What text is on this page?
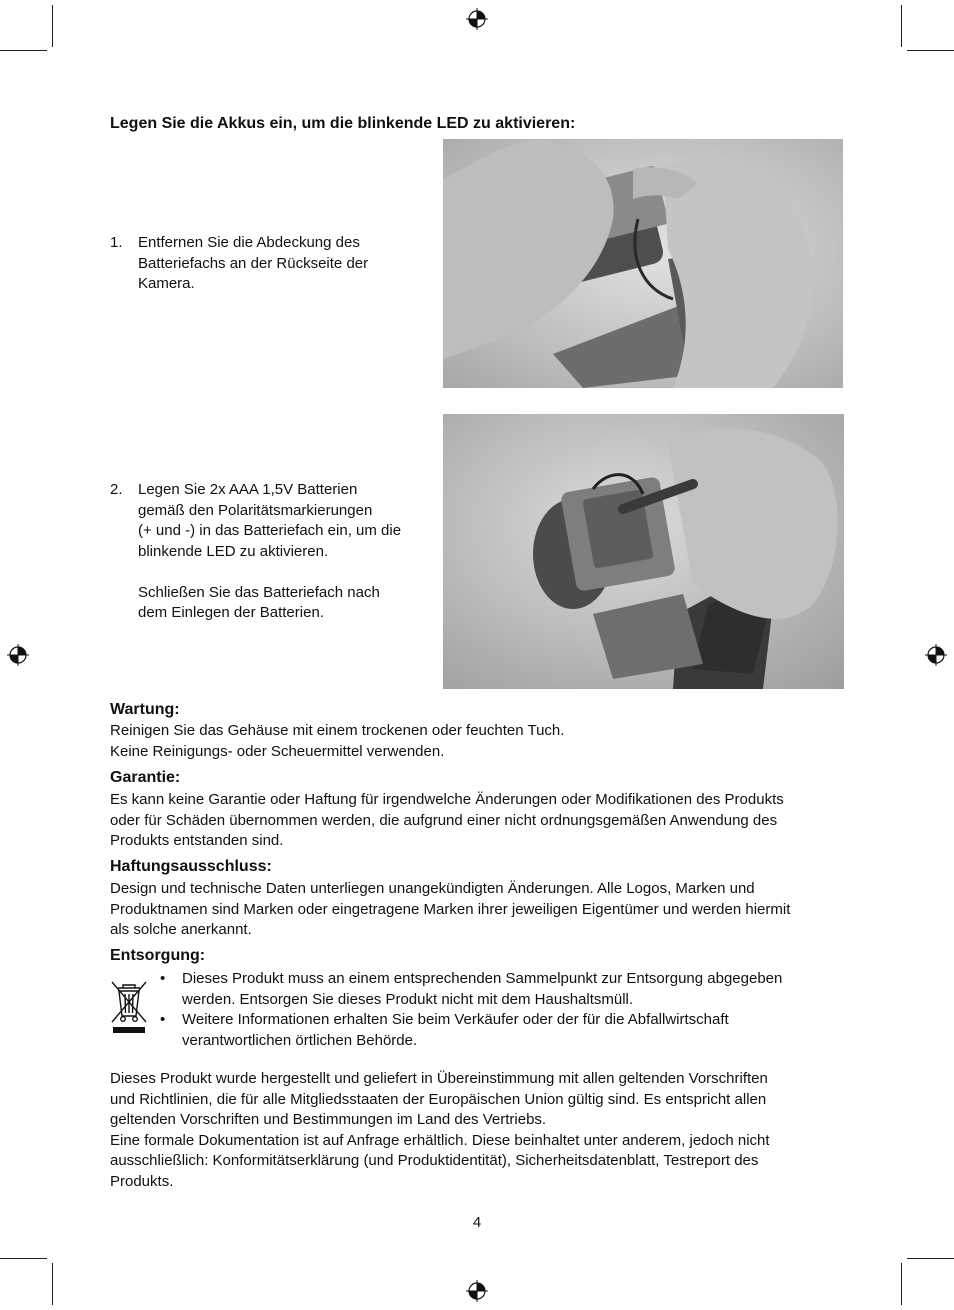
Legen Sie die Akkus ein, um die blinkende LED zu aktivieren:
1. Entfernen Sie die Abdeckung des
Batteriefachs an der Rückseite der
Kamera.
2. Legen Sie 2x AAA 1,5V Batterien
gemäß den Polaritätsmarkierungen
(+ und -) in das Batteriefach ein, um die
blinkende LED zu aktivieren.
Schließen Sie das Batteriefach nach
dem Einlegen der Batterien.
Wartung:
Reinigen Sie das Gehäuse mit einem trockenen oder feuchten Tuch.
Keine Reinigungs- oder Scheuermittel verwenden.
Garantie:
Es kann keine Garantie oder Haftung für irgendwelche Änderungen oder Modifikationen des Produkts
oder für Schäden übernommen werden, die aufgrund einer nicht ordnungsgemäßen Anwendung des
Produkts entstanden sind.
Haftungsausschluss:
Design und technische Daten unterliegen unangekündigten Änderungen. Alle Logos, Marken und
Produktnamen sind Marken oder eingetragene Marken ihrer jeweiligen Eigentümer und werden hiermit
als solche anerkannt.
Entsorgung:
• Dieses Produkt muss an einem entsprechenden Sammelpunkt zur Entsorgung abgegeben
werden. Entsorgen Sie dieses Produkt nicht mit dem Haushaltsmüll.
• Weitere Informationen erhalten Sie beim Verkäufer oder der für die Abfallwirtschaft
verantwortlichen örtlichen Behörde.
Dieses Produkt wurde hergestellt und geliefert in Übereinstimmung mit allen geltenden Vorschriften
und Richtlinien, die für alle Mitgliedsstaaten der Europäischen Union gültig sind. Es entspricht allen
geltenden Vorschriften und Bestimmungen im Land des Vertriebs.
Eine formale Dokumentation ist auf Anfrage erhältlich. Diese beinhaltet unter anderem, jedoch nicht
ausschließlich: Konformitätserklärung (und Produktidentität), Sicherheitsdatenblatt, Testreport des
Produkts.
4
